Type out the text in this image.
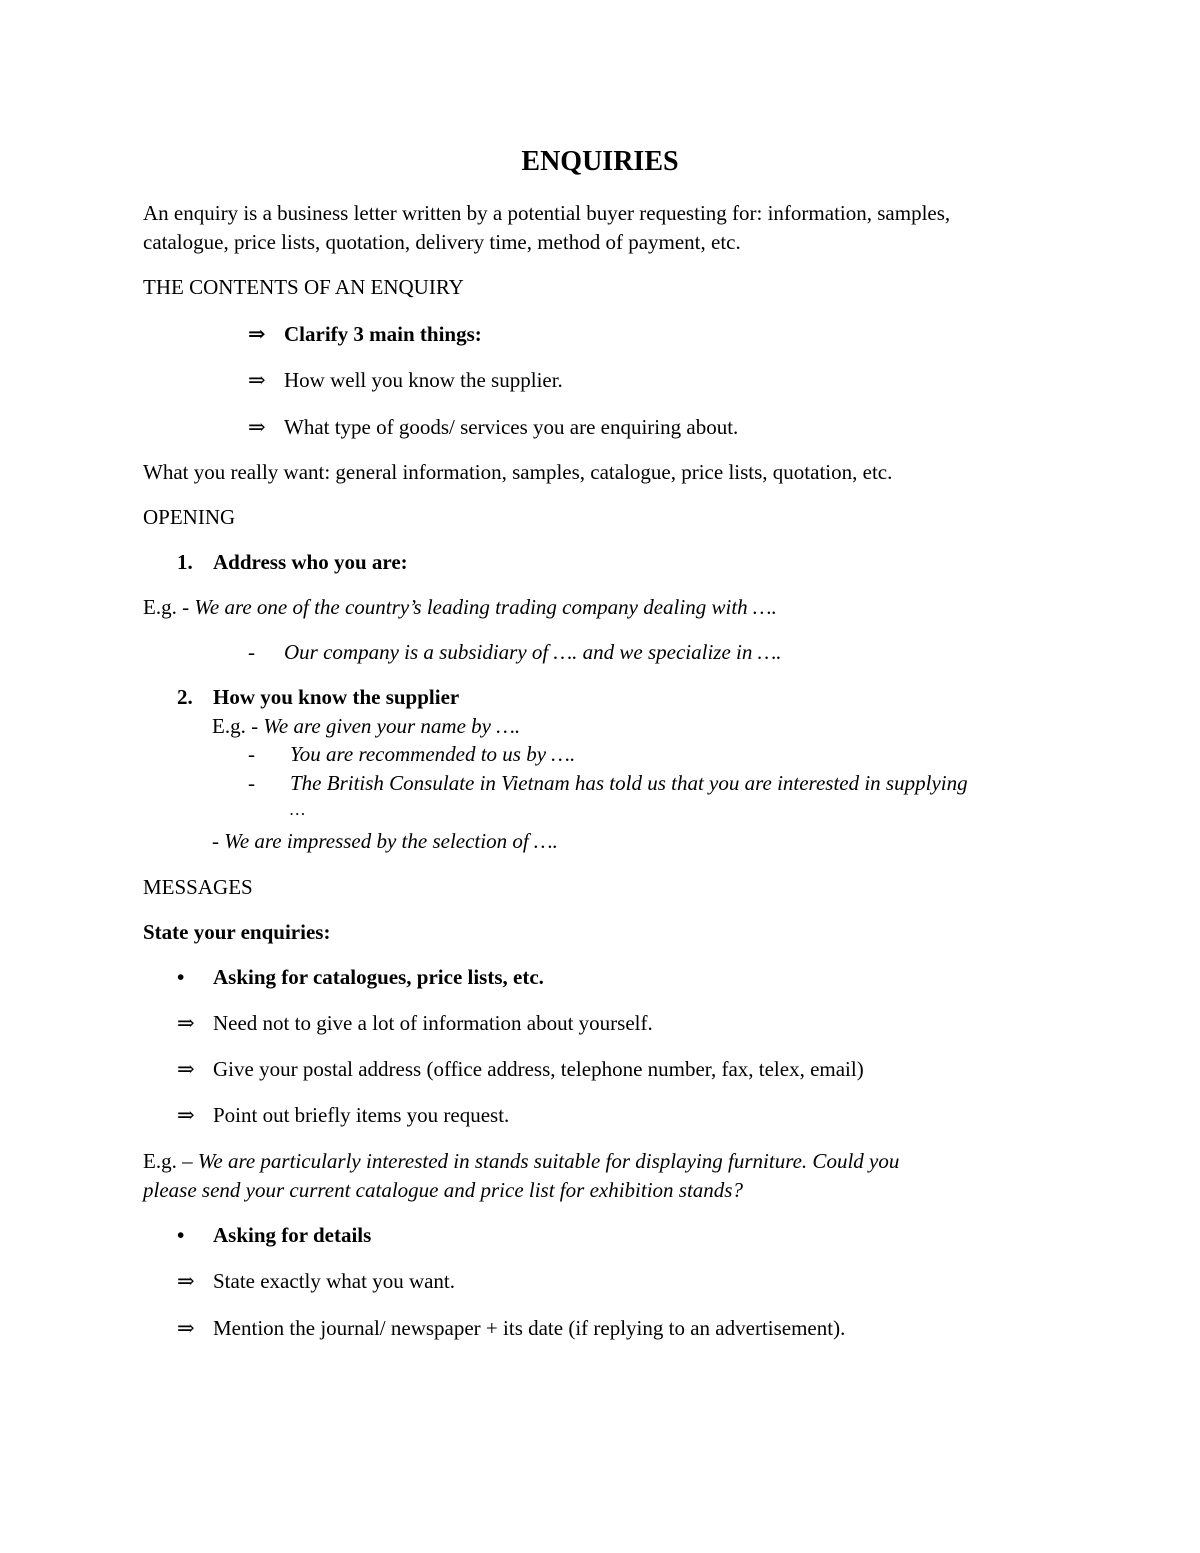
ENQUIRIES
An enquiry is a business letter written by a potential buyer requesting for: information, samples,
catalogue, price lists, quotation, delivery time, method of payment, etc.
THE CONTENTS OF AN ENQUIRY
⇒ Clarify 3 main things:
⇒ How well you know the supplier.
⇒ What type of goods/ services you are enquiring about.
What you really want: general information, samples, catalogue, price lists, quotation, etc.
OPENING
1. Address who you are:
E.g. - We are one of the country’s leading trading company dealing with ….
- Our company is a subsidiary of …. and we specialize in ….
2. How you know the supplier
E.g. - We are given your name by ….
- You are recommended to us by ….
- The British Consulate in Vietnam has told us that you are interested in supplying
…
- We are impressed by the selection of ….
MESSAGES
State your enquiries:
• Asking for catalogues, price lists, etc.
⇒ Need not to give a lot of information about yourself.
⇒ Give your postal address (office address, telephone number, fax, telex, email)
⇒ Point out briefly items you request.
E.g. – We are particularly interested in stands suitable for displaying furniture. Could you
please send your current catalogue and price list for exhibition stands?
• Asking for details
⇒ State exactly what you want.
⇒ Mention the journal/ newspaper + its date (if replying to an advertisement).
